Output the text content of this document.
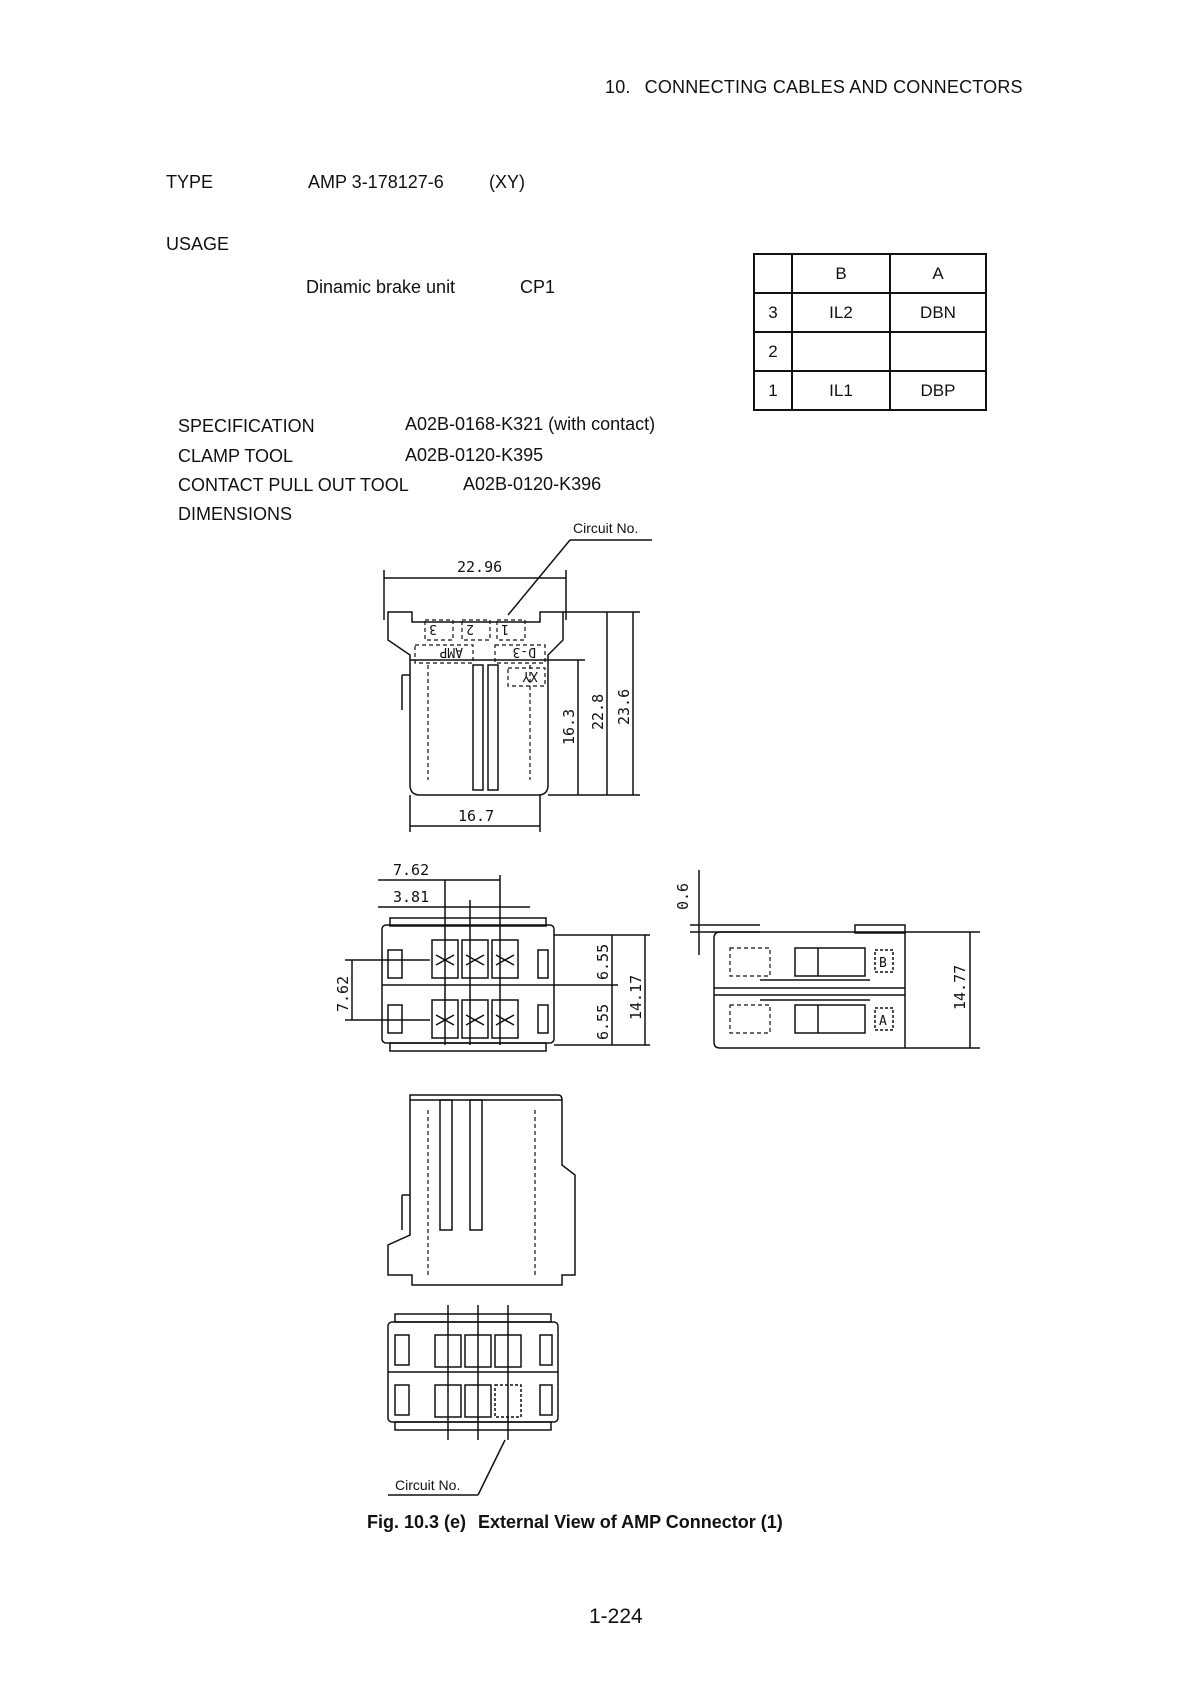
10. CONNECTING CABLES AND CONNECTORS
TYPE	AMP 3-178127-6	(XY)
USAGE
Dinamic brake unit	CP1
	B	A
3	IL2	DBN
2		
1	IL1	DBP
SPECIFICATION	A02B-0168-K321 (with contact)
CLAMP TOOL	A02B-0120-K395
CONTACT PULL OUT TOOL	A02B-0120-K396
DIMENSIONS
Circuit No.
22.96
3 2 1
AMP	D-3
XY
16.3 22.8 23.6
16.7
7.62
3.81
7.62
6.55
6.55
14.17
0.6
B
A
14.77
Circuit No.
Fig. 10.3 (e) External View of AMP Connector (1)
1-224
